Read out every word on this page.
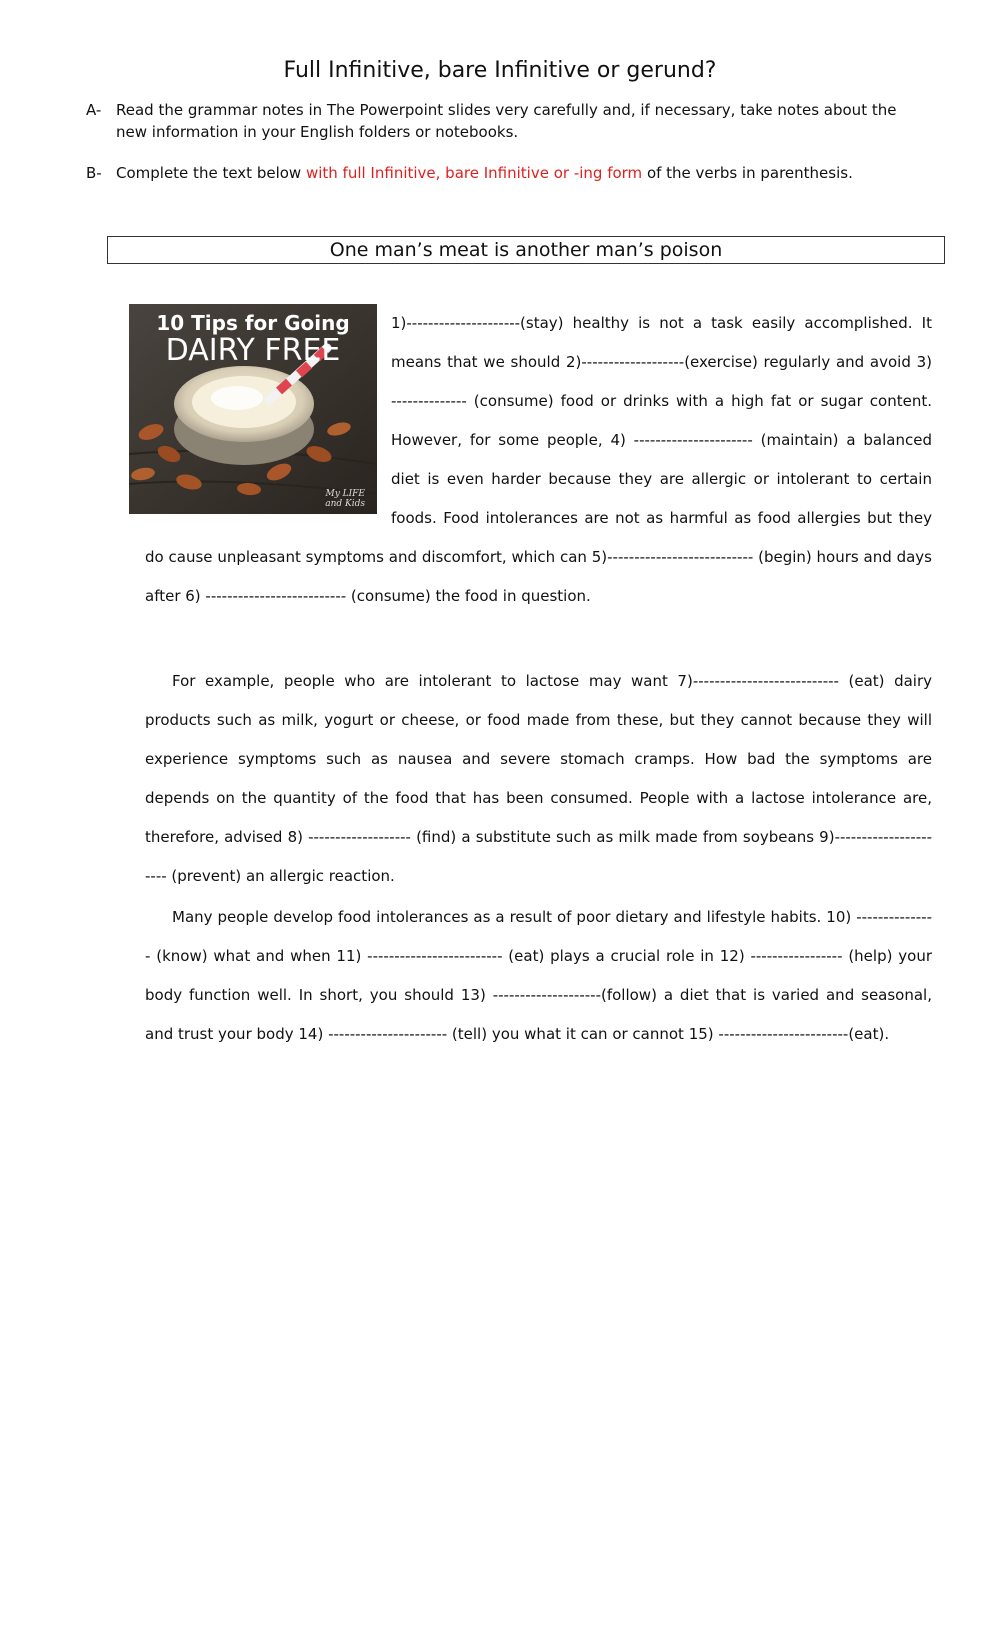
Full Infinitive, bare Infinitive or gerund?
A- Read the grammar notes in The Powerpoint slides very carefully and, if necessary, take notes about the new information in your English folders or notebooks.
B- Complete the text below with full Infinitive, bare Infinitive or -ing form of the verbs in parenthesis.
One man’s meat is another man’s poison
10 Tips for Going
DAIRY FREE
My LIFE
and Kids

1)---------------------(stay) healthy is not a task easily accomplished. It means that we should 2)-------------------(exercise) regularly and avoid 3) -------------- (consume) food or drinks with a high fat or sugar content. However, for some people, 4) ---------------------- (maintain) a balanced diet is even harder because they are allergic or intolerant to certain foods. Food intolerances are not as harmful as food allergies but they do cause unpleasant symptoms and discomfort, which can 5)--------------------------- (begin) hours and days after 6) -------------------------- (consume) the food in question.

For example, people who are intolerant to lactose may want 7)--------------------------- (eat) dairy products such as milk, yogurt or cheese, or food made from these, but they cannot because they will experience symptoms such as nausea and severe stomach cramps. How bad the symptoms are depends on the quantity of the food that has been consumed. People with a lactose intolerance are, therefore, advised 8) ------------------- (find) a substitute such as milk made from soybeans 9)---------------------- (prevent) an allergic reaction.

Many people develop food intolerances as a result of poor dietary and lifestyle habits. 10) --------------- (know) what and when 11) ------------------------- (eat) plays a crucial role in 12) ----------------- (help) your body function well. In short, you should 13) --------------------(follow) a diet that is varied and seasonal, and trust your body 14) ---------------------- (tell) you what it can or cannot 15) ------------------------(eat).
